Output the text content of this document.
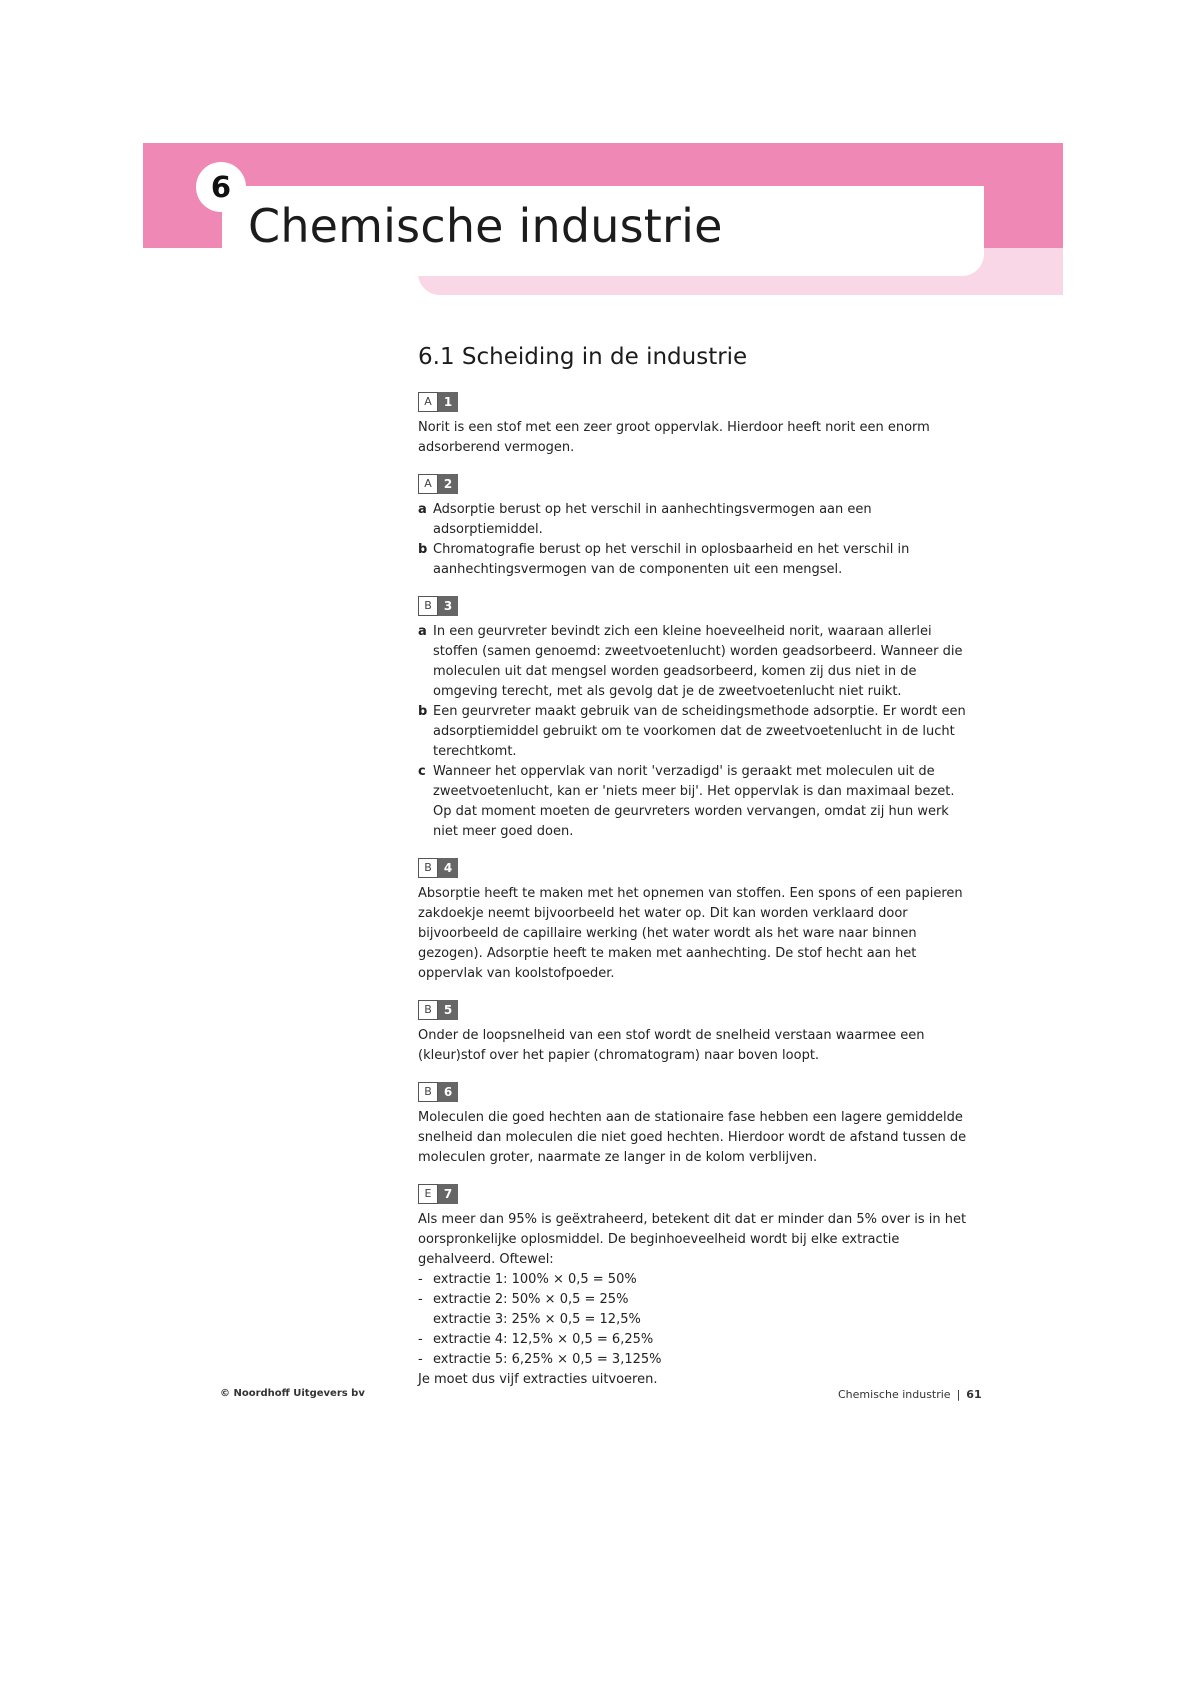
6
Chemische industrie
6.1 Scheiding in de industrie
A	1
Norit is een stof met een zeer groot oppervlak. Hierdoor heeft norit een enorm adsorberend vermogen.
A	2
a Adsorptie berust op het verschil in aanhechtingsvermogen aan een adsorptiemiddel.
b Chromatografie berust op het verschil in oplosbaarheid en het verschil in aanhechtingsvermogen van de componenten uit een mengsel.
B	3
a In een geurvreter bevindt zich een kleine hoeveelheid norit, waaraan allerlei stoffen (samen genoemd: zweetvoetenlucht) worden geadsorbeerd. Wanneer die moleculen uit dat mengsel worden geadsorbeerd, komen zij dus niet in de omgeving terecht, met als gevolg dat je de zweetvoetenlucht niet ruikt.
b Een geurvreter maakt gebruik van de scheidingsmethode adsorptie. Er wordt een adsorptiemiddel gebruikt om te voorkomen dat de zweetvoetenlucht in de lucht terechtkomt.
c Wanneer het oppervlak van norit 'verzadigd' is geraakt met moleculen uit de zweetvoetenlucht, kan er 'niets meer bij'. Het oppervlak is dan maximaal bezet. Op dat moment moeten de geurvreters worden vervangen, omdat zij hun werk niet meer goed doen.
B	4
Absorptie heeft te maken met het opnemen van stoffen. Een spons of een papieren zakdoekje neemt bijvoorbeeld het water op. Dit kan worden verklaard door bijvoorbeeld de capillaire werking (het water wordt als het ware naar binnen gezogen). Adsorptie heeft te maken met aanhechting. De stof hecht aan het oppervlak van koolstofpoeder.
B	5
Onder de loopsnelheid van een stof wordt de snelheid verstaan waarmee een (kleur)stof over het papier (chromatogram) naar boven loopt.
B	6
Moleculen die goed hechten aan de stationaire fase hebben een lagere gemiddelde snelheid dan moleculen die niet goed hechten. Hierdoor wordt de afstand tussen de moleculen groter, naarmate ze langer in de kolom verblijven.
E	7
Als meer dan 95% is geëxtraheerd, betekent dit dat er minder dan 5% over is in het oorspronkelijke oplosmiddel. De beginhoeveelheid wordt bij elke extractie gehalveerd. Oftewel:
- extractie 1: 100% × 0,5 = 50%
- extractie 2: 50% × 0,5 = 25%
extractie 3: 25% × 0,5 = 12,5%
- extractie 4: 12,5% × 0,5 = 6,25%
- extractie 5: 6,25% × 0,5 = 3,125%
Je moet dus vijf extracties uitvoeren.
© Noordhoff Uitgevers bv	Chemische industrie | 61
